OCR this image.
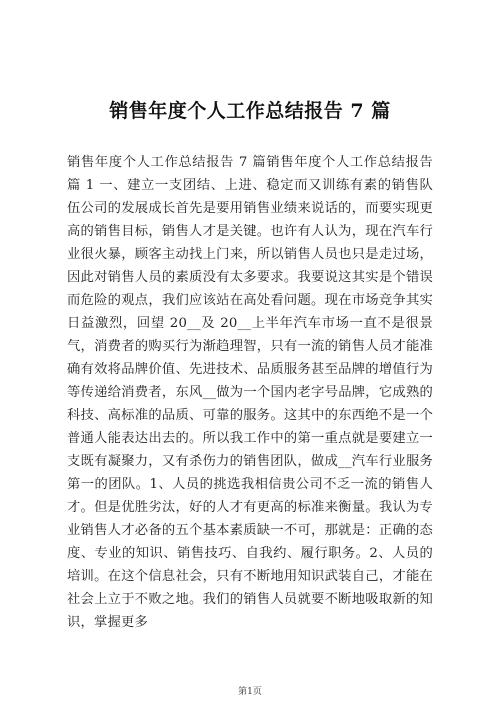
销售年度个人工作总结报告 7 篇

销售年度个人工作总结报告 7 篇销售年度个人工作总结报告篇 1 一、建立一支团结、上进、稳定而又训练有素的销售队伍公司的发展成长首先是要用销售业绩来说话的，而要实现更高的销售目标，销售人才是关键。也许有人认为，现在汽车行业很火暴，顾客主动找上门来，所以销售人员也只是走过场，因此对销售人员的素质没有太多要求。我要说这其实是个错误而危险的观点，我们应该站在高处看问题。现在市场竞争其实日益激烈，回望 20__及 20__上半年汽车市场一直不是很景气，消费者的购买行为渐趋理智，只有一流的销售人员才能准确有效将品牌价值、先进技术、品质服务甚至品牌的增值行为等传递给消费者，东风__做为一个国内老字号品牌，它成熟的科技、高标准的品质、可靠的服务。这其中的东西绝不是一个普通人能表达出去的。所以我工作中的第一重点就是要建立一支既有凝聚力，又有杀伤力的销售团队，做成__汽车行业服务第一的团队。1、人员的挑选我相信贵公司不乏一流的销售人才。但是优胜劣汰，好的人才有更高的标准来衡量。我认为专业销售人才必备的五个基本素质缺一不可，那就是：正确的态度、专业的知识、销售技巧、自我约、履行职务。2、人员的培训。在这个信息社会，只有不断地用知识武装自己，才能在社会上立于不败之地。我们的销售人员就要不断地吸取新的知识，掌握更多

第1页
